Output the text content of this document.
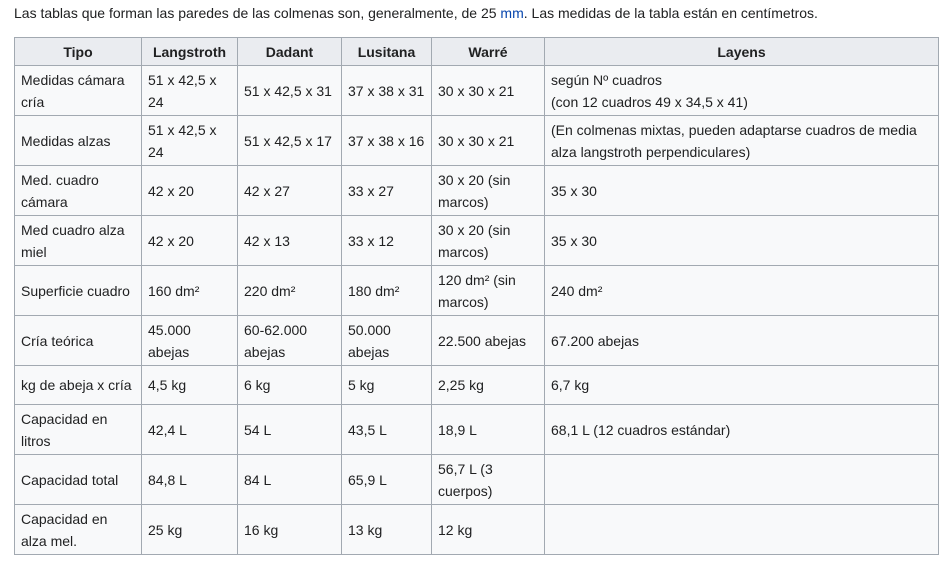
Las tablas que forman las paredes de las colmenas son, generalmente, de 25 mm. Las medidas de la tabla están en centímetros.

Tipo	Langstroth	Dadant	Lusitana	Warré	Layens
Medidas cámara cría	51 x 42,5 x 24	51 x 42,5 x 31	37 x 38 x 31	30 x 30 x 21	según Nº cuadros
(con 12 cuadros 49 x 34,5 x 41)
Medidas alzas	51 x 42,5 x 24	51 x 42,5 x 17	37 x 38 x 16	30 x 30 x 21	(En colmenas mixtas, pueden adaptarse cuadros de media alza langstroth perpendiculares)
Med. cuadro cámara	42 x 20	42 x 27	33 x 27	30 x 20 (sin marcos)	35 x 30
Med cuadro alza miel	42 x 20	42 x 13	33 x 12	30 x 20 (sin marcos)	35 x 30
Superficie cuadro	160 dm²	220 dm²	180 dm²	120 dm² (sin marcos)	240 dm²
Cría teórica	45.000 abejas	60-62.000 abejas	50.000 abejas	22.500 abejas	67.200 abejas
kg de abeja x cría	4,5 kg	6 kg	5 kg	2,25 kg	6,7 kg
Capacidad en litros	42,4 L	54 L	43,5 L	18,9 L	68,1 L (12 cuadros estándar)
Capacidad total	84,8 L	84 L	65,9 L	56,7 L (3 cuerpos)	
Capacidad en alza mel.	25 kg	16 kg	13 kg	12 kg	
